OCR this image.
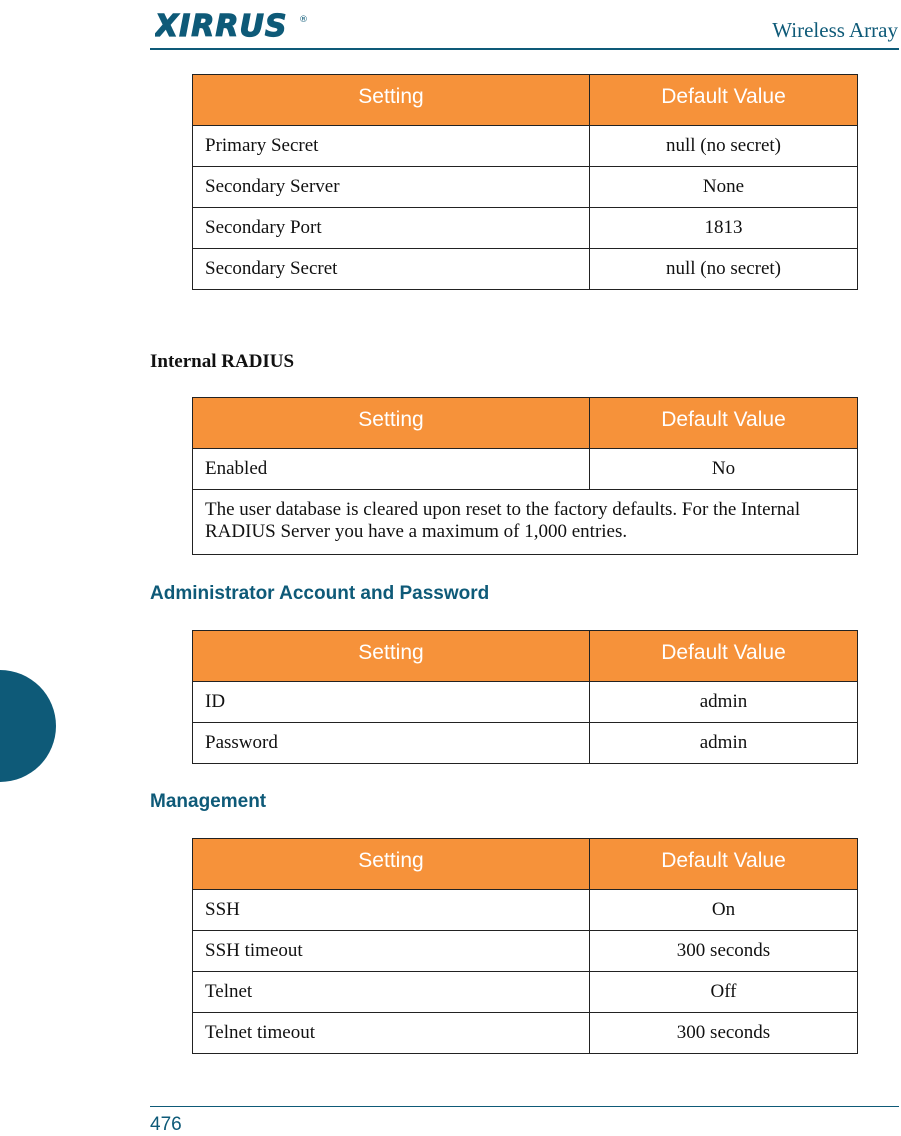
XIRRUS ®	Wireless Array
Setting	Default Value
Primary Secret	null (no secret)
Secondary Server	None
Secondary Port	1813
Secondary Secret	null (no secret)
Internal RADIUS
Setting	Default Value
Enabled	No
The user database is cleared upon reset to the factory defaults. For the Internal RADIUS Server you have a maximum of 1,000 entries.	
Administrator Account and Password
Setting	Default Value
ID	admin
Password	admin
Management
Setting	Default Value
SSH	On
SSH timeout	300 seconds
Telnet	Off
Telnet timeout	300 seconds
476
